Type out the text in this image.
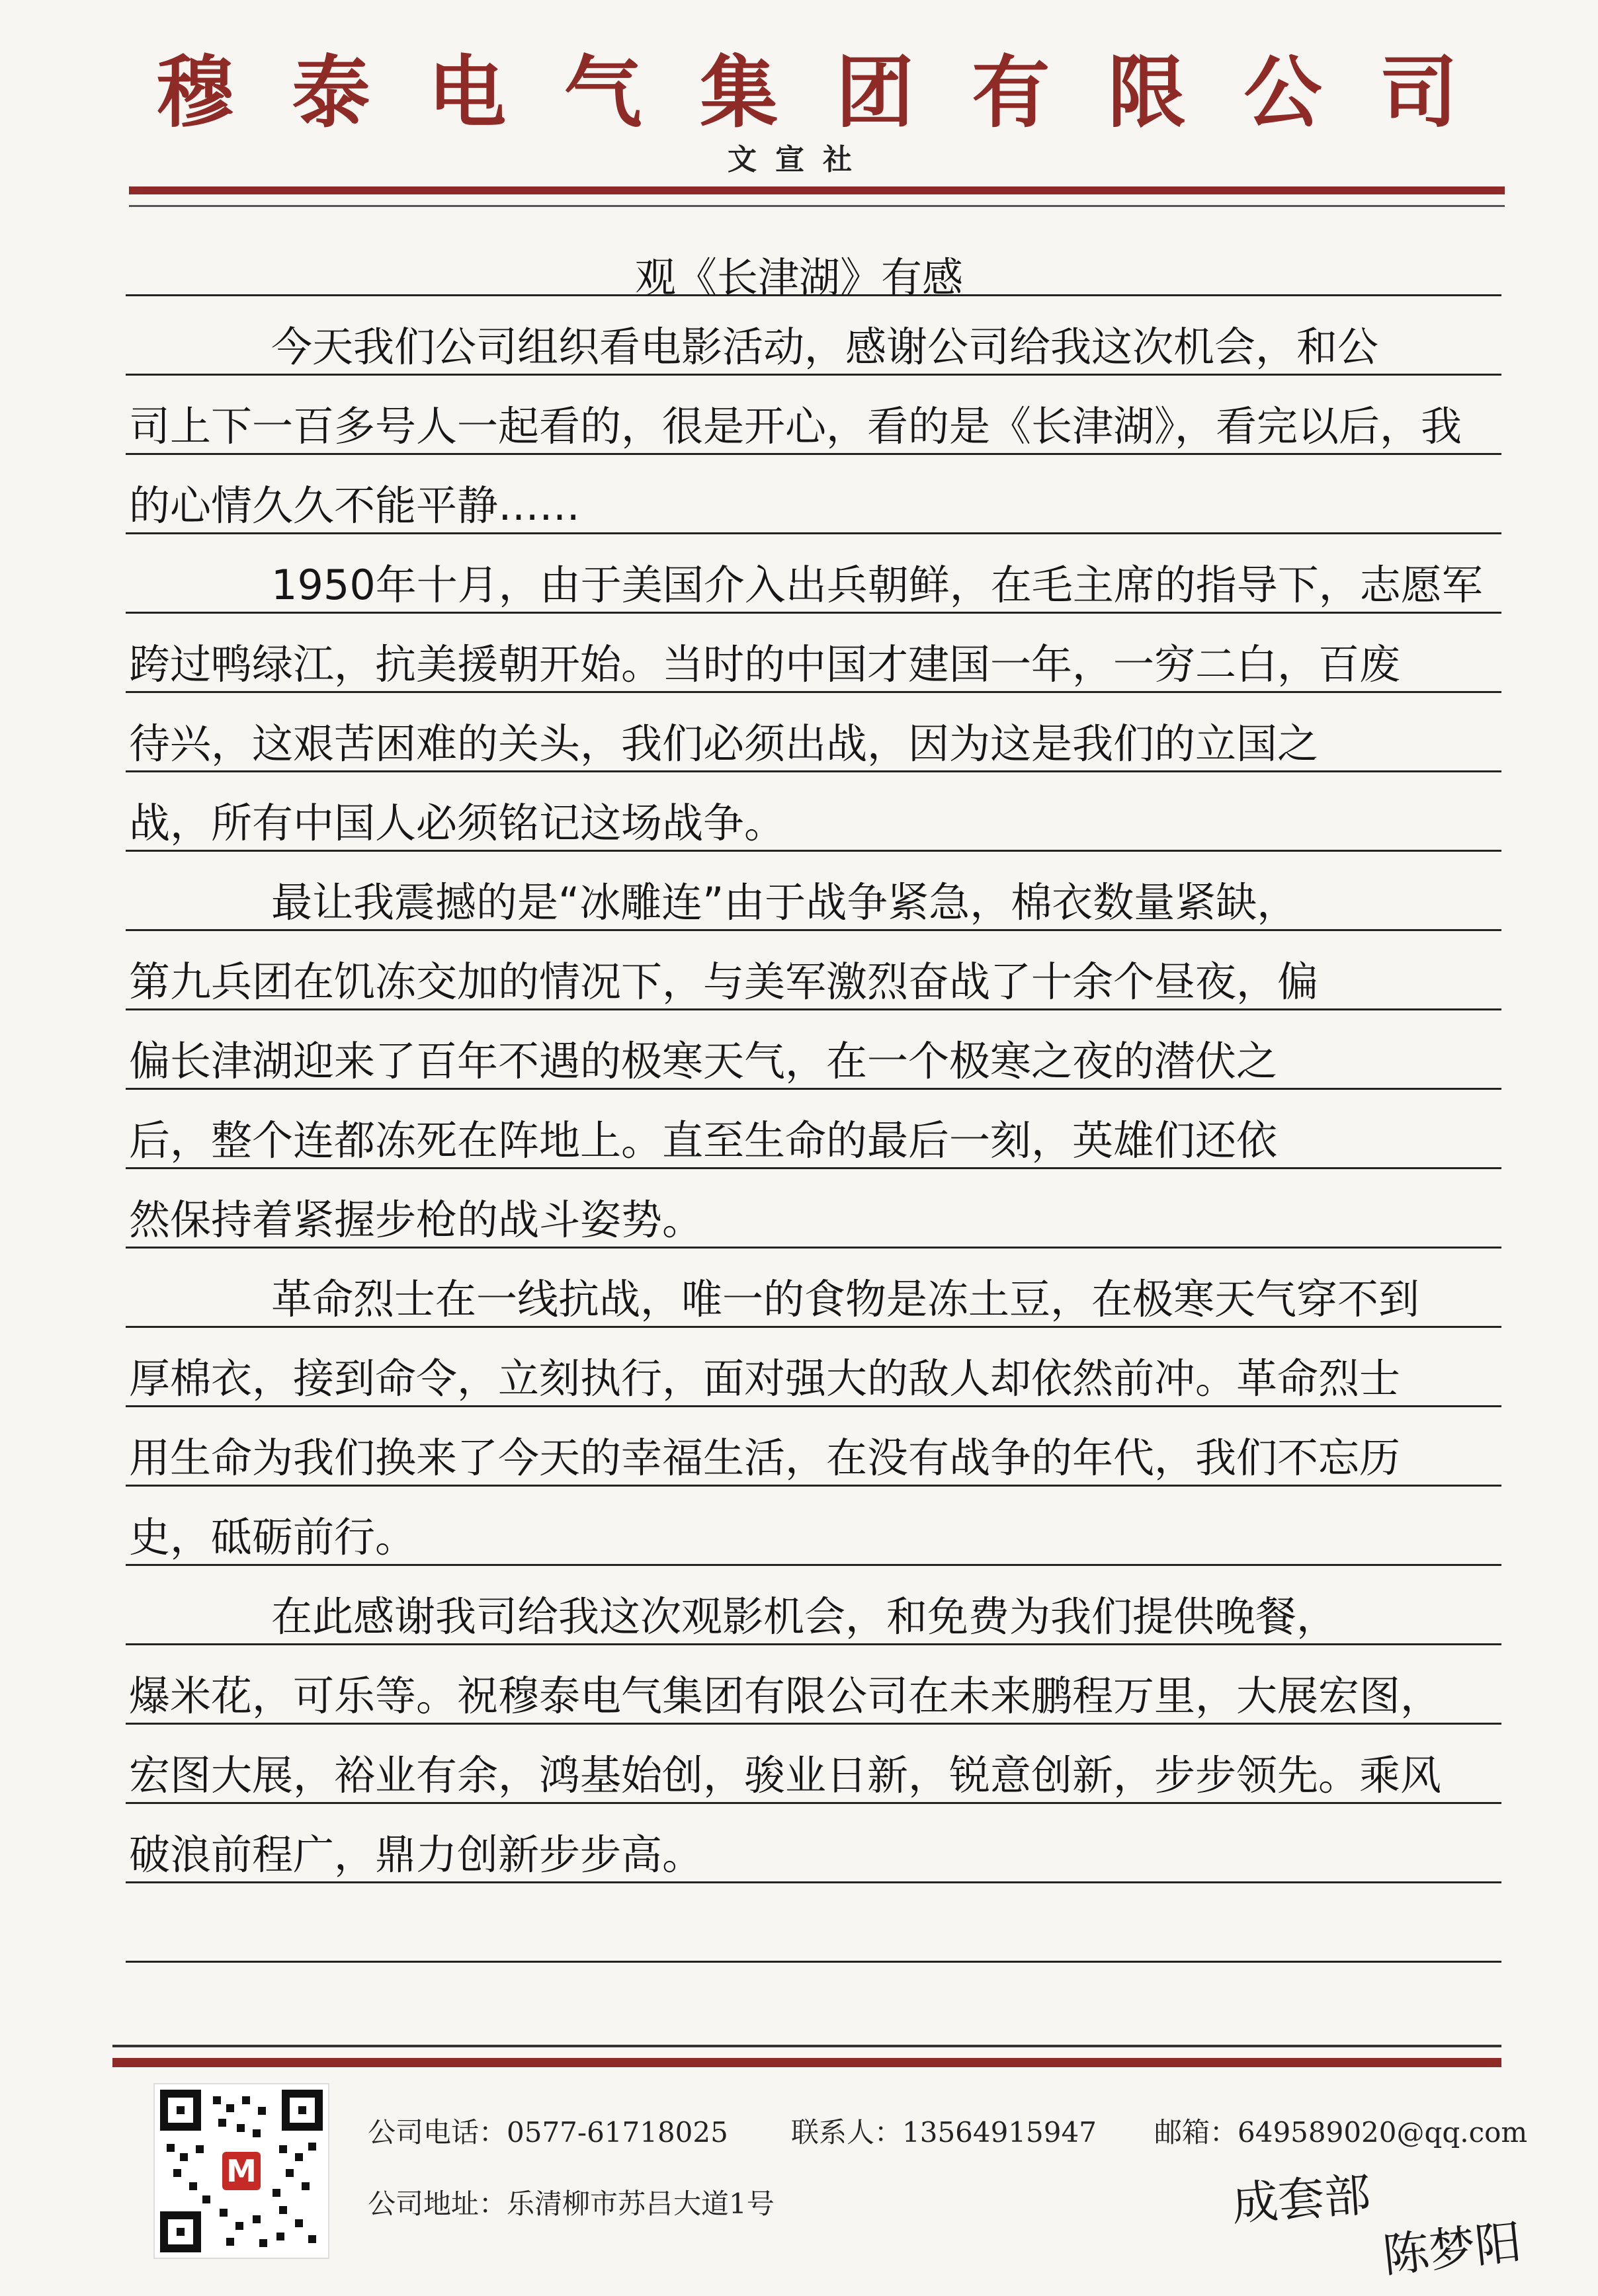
穆 泰 电 气 集 团 有 限 公 司
文宣社
观《长津湖》有感
今天我们公司组织看电影活动，感谢公司给我这次机会，和公
司上下一百多号人一起看的，很是开心，看的是《长津湖》，看完以后，我
的心情久久不能平静……
1950年十月，由于美国介入出兵朝鲜，在毛主席的指导下，志愿军
跨过鸭绿江，抗美援朝开始。当时的中国才建国一年，一穷二白，百废
待兴，这艰苦困难的关头，我们必须出战，因为这是我们的立国之
战，所有中国人必须铭记这场战争。
最让我震撼的是“冰雕连”由于战争紧急，棉衣数量紧缺，
第九兵团在饥冻交加的情况下，与美军激烈奋战了十余个昼夜，偏
偏长津湖迎来了百年不遇的极寒天气，在一个极寒之夜的潜伏之
后，整个连都冻死在阵地上。直至生命的最后一刻，英雄们还依
然保持着紧握步枪的战斗姿势。
革命烈士在一线抗战，唯一的食物是冻土豆，在极寒天气穿不到
厚棉衣，接到命令，立刻执行，面对强大的敌人却依然前冲。革命烈士
用生命为我们换来了今天的幸福生活，在没有战争的年代，我们不忘历
史，砥砺前行。
在此感谢我司给我这次观影机会，和免费为我们提供晚餐，
爆米花，可乐等。祝穆泰电气集团有限公司在未来鹏程万里，大展宏图，
宏图大展，裕业有余，鸿基始创，骏业日新，锐意创新，步步领先。乘风
破浪前程广，鼎力创新步步高。
M
公司电话：0577-61718025 联系人：13564915947 邮箱：649589020@qq.com
公司地址：乐清柳市苏吕大道1号	成套部
陈梦阳
